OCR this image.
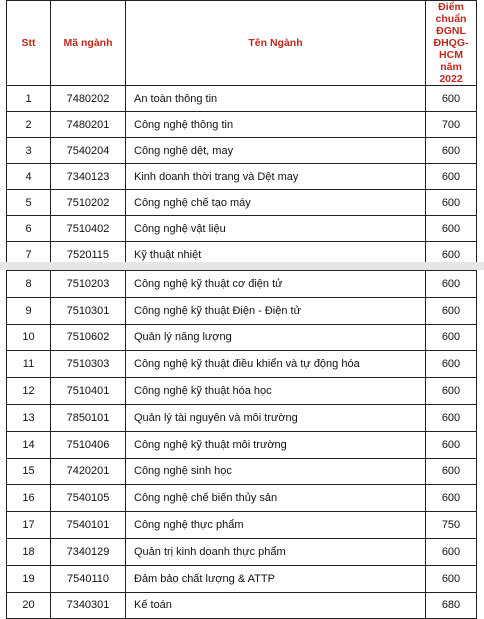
Stt	Mã ngành	Tên Ngành	Điểm chuẩn ĐGNL ĐHQG-HCM năm 2022
1	7480202	An toàn thông tin	600
2	7480201	Công nghệ thông tin	700
3	7540204	Công nghệ dệt, may	600
4	7340123	Kinh doanh thời trang và Dệt may	600
5	7510202	Công nghệ chế tạo máy	600
6	7510402	Công nghệ vật liệu	600
7	7520115	Kỹ thuật nhiệt	600
8	7510203	Công nghệ kỹ thuật cơ điện tử	600
9	7510301	Công nghệ kỹ thuật Điện - Điện tử	600
10	7510602	Quản lý năng lượng	600
11	7510303	Công nghệ kỹ thuật điều khiển và tự động hóa	600
12	7510401	Công nghệ kỹ thuật hóa học	600
13	7850101	Quản lý tài nguyên và môi trường	600
14	7510406	Công nghệ kỹ thuật môi trường	600
15	7420201	Công nghệ sinh học	600
16	7540105	Công nghệ chế biến thủy sản	600
17	7540101	Công nghệ thực phẩm	750
18	7340129	Quản trị kinh doanh thực phẩm	600
19	7540110	Đảm bảo chất lượng & ATTP	600
20	7340301	Kế toán	680
